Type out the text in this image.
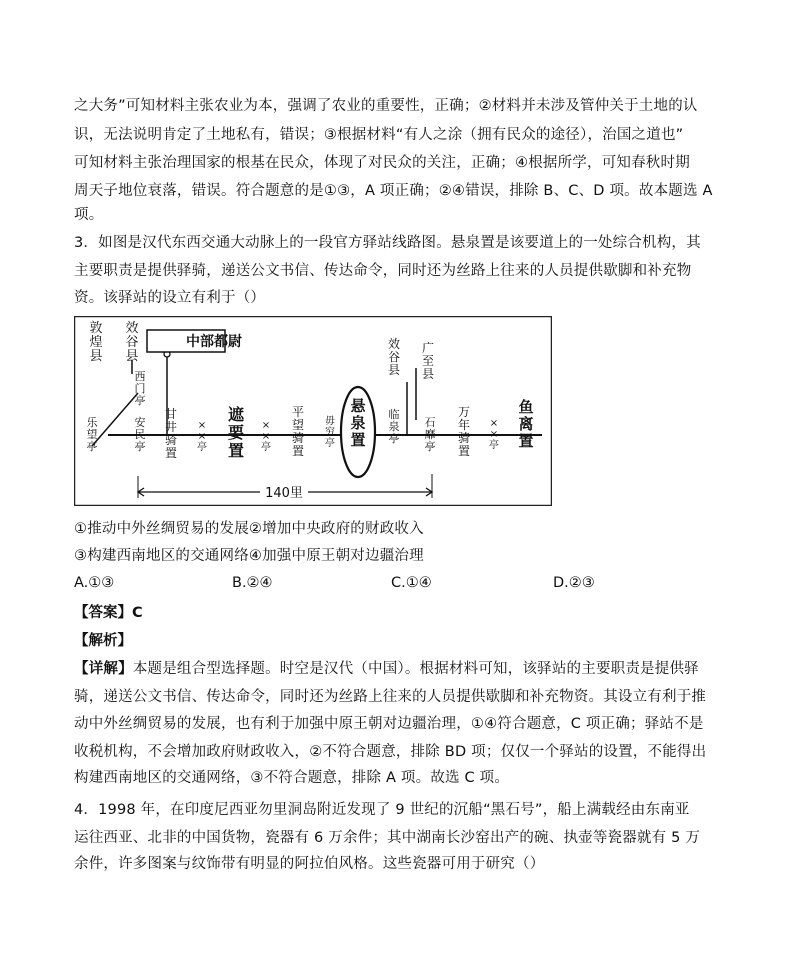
之大务”可知材料主张农业为本，强调了农业的重要性，正确；②材料并未涉及管仲关于土地的认
识，无法说明肯定了土地私有，错误；③根据材料“有人之涂（拥有民众的途径），治国之道也”
可知材料主张治理国家的根基在民众，体现了对民众的关注，正确；④根据所学，可知春秋时期
周天子地位衰落，错误。符合题意的是①③，A 项正确；②④错误，排除 B、C、D 项。故本题选 A
项。
3．如图是汉代东西交通大动脉上的一段官方驿站线路图。悬泉置是该要道上的一处综合机构，其
主要职责是提供驿骑，递送公文书信、传达命令，同时还为丝路上往来的人员提供歇脚和补充物
资。该驿站的设立有利于（）
敦
煌
县
效
谷
县
西
门
亭
乐
望
亭
安
民
亭
甘
井
骑
置
×
×
亭
遮
要
置
×
×
亭
平
望
骑
置
毋
穷
亭
悬
泉
置
临
泉
亭
效
谷
县
广
至
县
石
靡
亭
万
年
骑
置
×
×
亭
鱼
离
置
中部都尉
140里
①推动中外丝绸贸易的发展②增加中央政府的财政收入
③构建西南地区的交通网络④加强中原王朝对边疆治理
A.①③	B.②④	C.①④	D.②③
【答案】C
【解析】
【详解】本题是组合型选择题。时空是汉代（中国）。根据材料可知，该驿站的主要职责是提供驿
骑，递送公文书信、传达命令，同时还为丝路上往来的人员提供歇脚和补充物资。其设立有利于推
动中外丝绸贸易的发展，也有利于加强中原王朝对边疆治理，①④符合题意，C 项正确；驿站不是
收税机构，不会增加政府财政收入，②不符合题意，排除 BD 项；仅仅一个驿站的设置，不能得出
构建西南地区的交通网络，③不符合题意，排除 A 项。故选 C 项。
4．1998 年，在印度尼西亚勿里洞岛附近发现了 9 世纪的沉船“黑石号”，船上满载经由东南亚
运往西亚、北非的中国货物，瓷器有 6 万余件；其中湖南长沙窑出产的碗、执壶等瓷器就有 5 万
余件，许多图案与纹饰带有明显的阿拉伯风格。这些瓷器可用于研究（）
